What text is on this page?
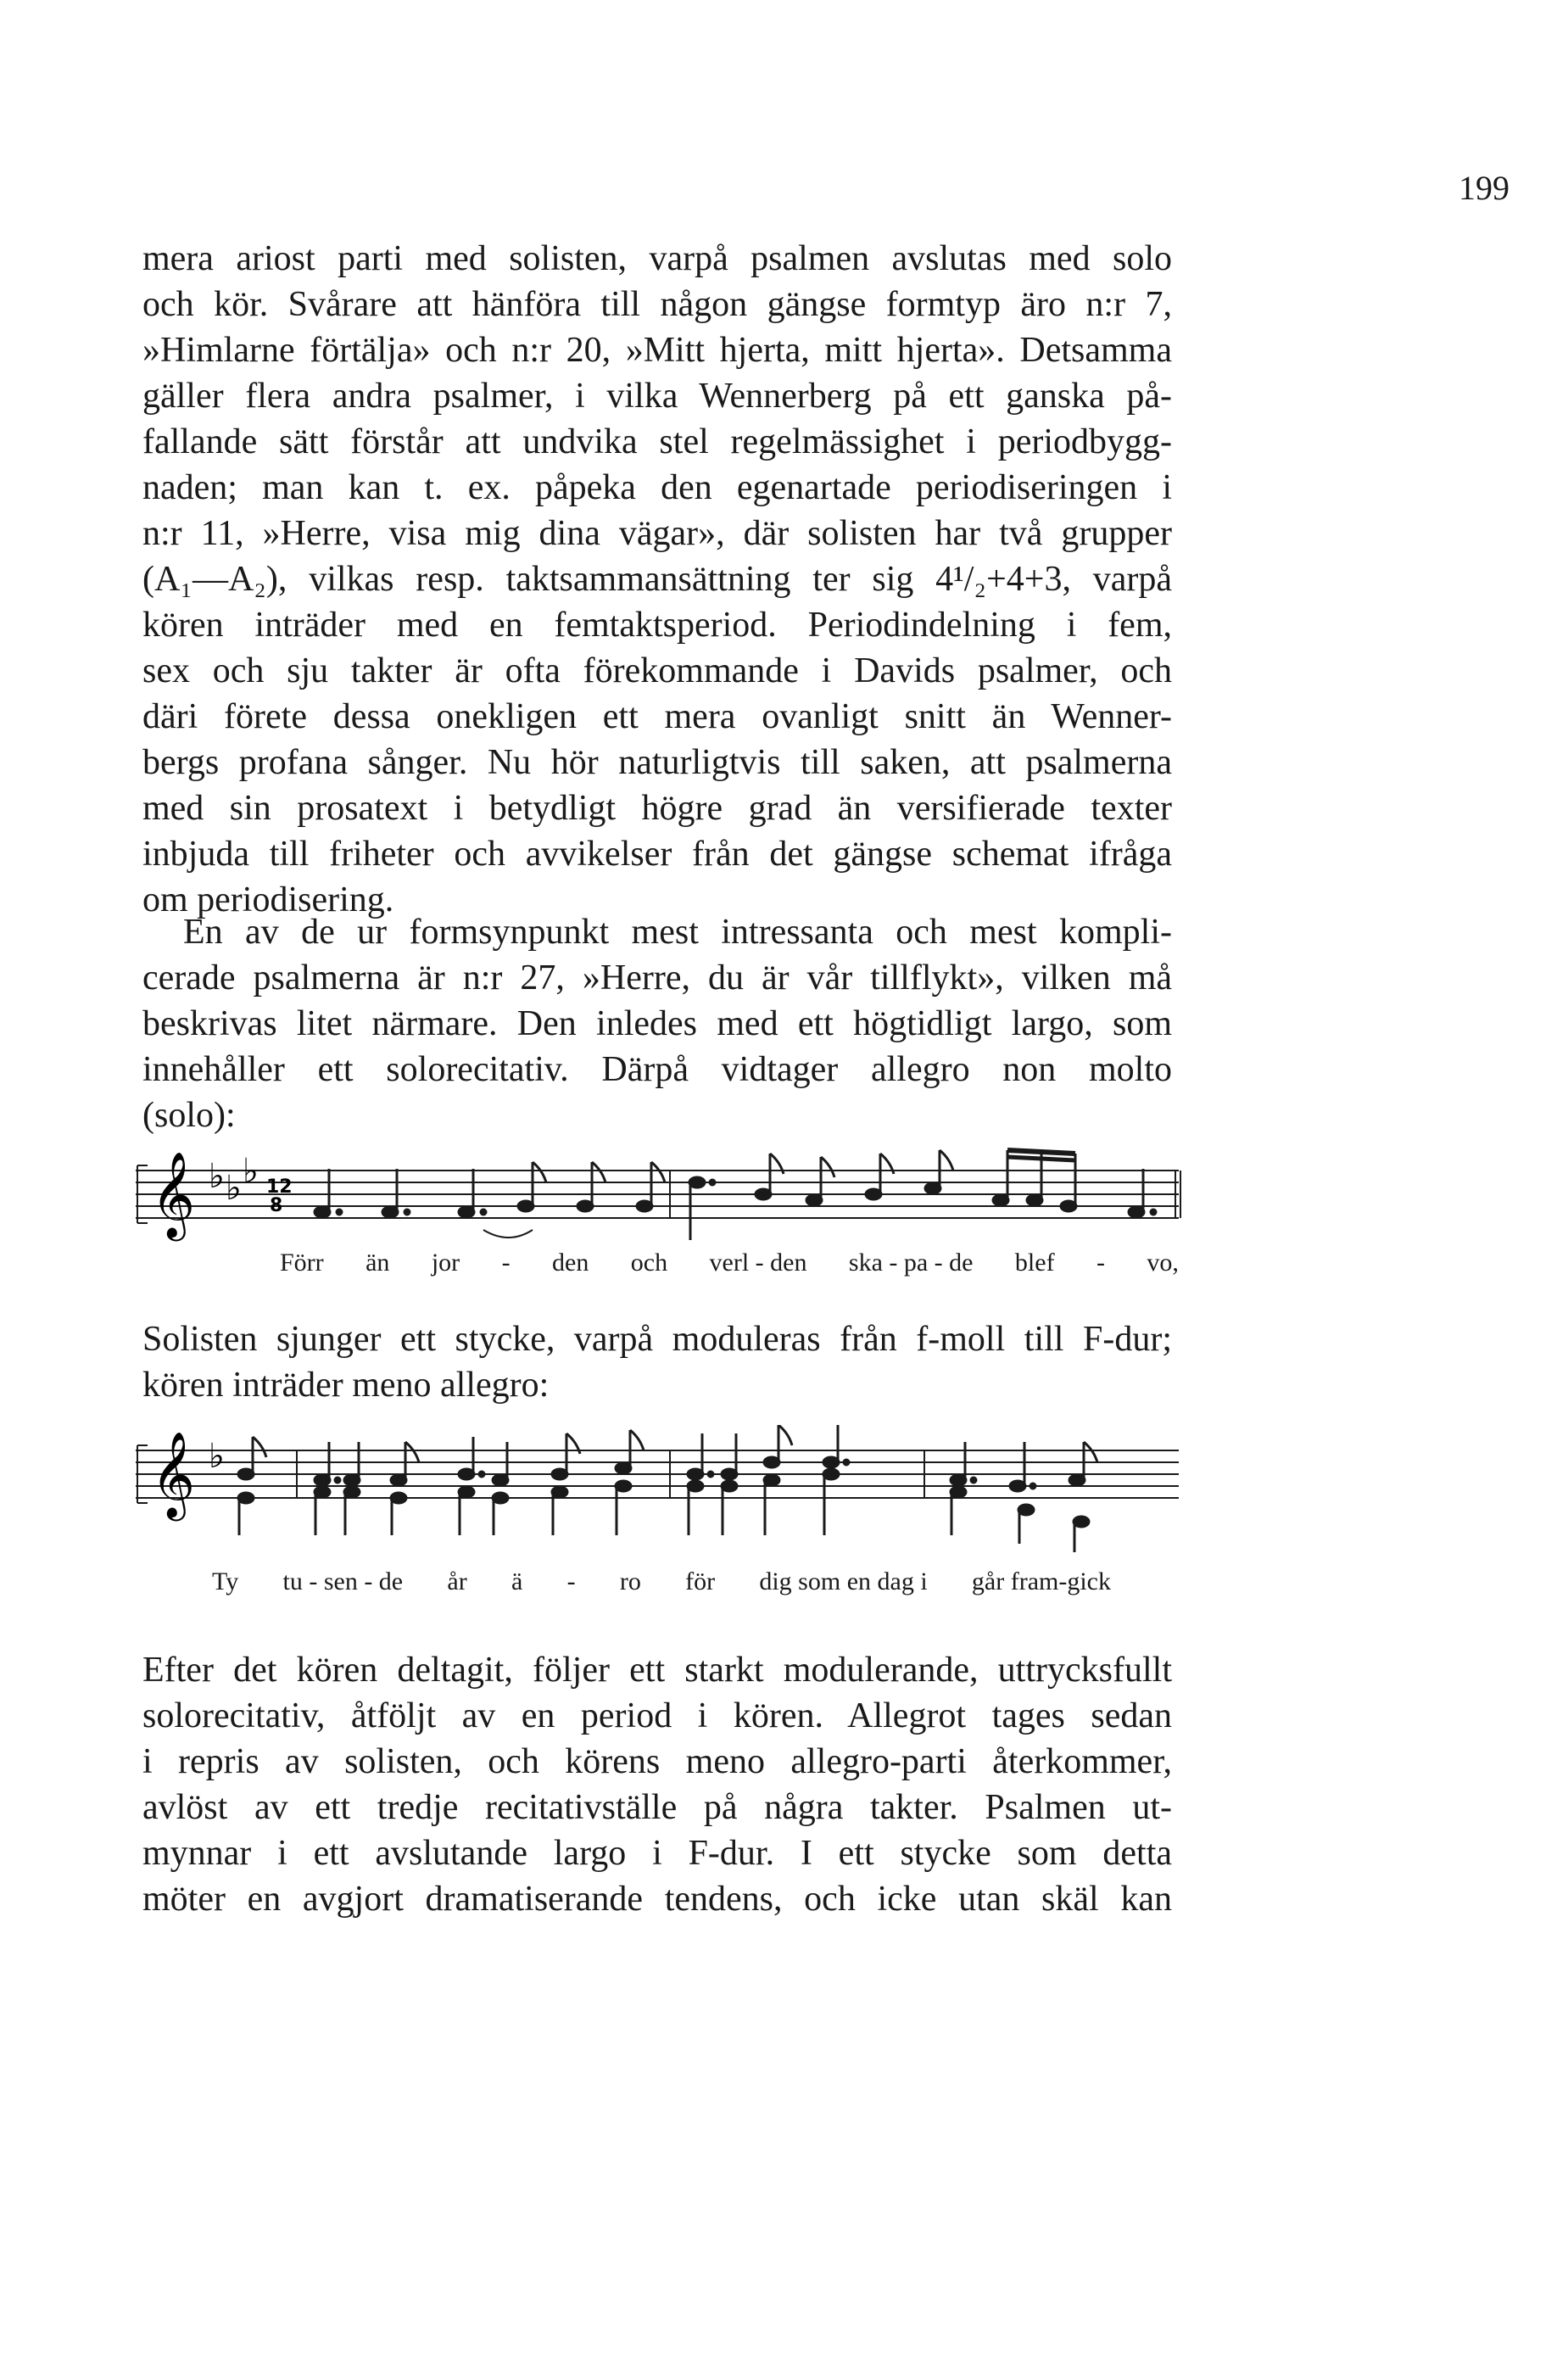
199
mera ariost parti med solisten, varpå psalmen avslutas med solo
och kör. Svårare att hänföra till någon gängse formtyp äro n:r 7,
»Himlarne förtälja» och n:r 20, »Mitt hjerta, mitt hjerta». Detsamma
gäller flera andra psalmer, i vilka Wennerberg på ett ganska på-
fallande sätt förstår att undvika stel regelmässighet i periodbygg-
naden; man kan t. ex. påpeka den egenartade periodiseringen i
n:r 11, »Herre, visa mig dina vägar», där solisten har två grupper
(A₁—A₂), vilkas resp. taktsammansättning ter sig 4¹/₂+4+3, varpå
kören inträder med en femtaktsperiod. Periodindelning i fem,
sex och sju takter är ofta förekommande i Davids psalmer, och
däri förete dessa onekligen ett mera ovanligt snitt än Wenner-
bergs profana sånger. Nu hör naturligtvis till saken, att psalmerna
med sin prosatext i betydligt högre grad än versifierade texter
inbjuda till friheter och avvikelser från det gängse schemat ifråga
om periodisering.
En av de ur formsynpunkt mest intressanta och mest kompli-
cerade psalmerna är n:r 27, »Herre, du är vår tillflykt», vilken må
beskrivas litet närmare. Den inledes med ett högtidligt largo, som
innehåller ett solorecitativ. Därpå vidtager allegro non molto
(solo):
𝄞 ♭ ♭ ♭ 12
8
Förr än jor - den och verl - den ska - pa - de blef - vo,
Solisten sjunger ett stycke, varpå moduleras från f-moll till F-dur;
kören inträder meno allegro:
𝄞 ♭
Ty tu - sen - de år ä - ro för dig som en dag i går fram-gick
Efter det kören deltagit, följer ett starkt modulerande, uttrycksfullt
solorecitativ, åtföljt av en period i kören. Allegrot tages sedan
i repris av solisten, och körens meno allegro-parti återkommer,
avlöst av ett tredje recitativställe på några takter. Psalmen ut-
mynnar i ett avslutande largo i F-dur. I ett stycke som detta
möter en avgjort dramatiserande tendens, och icke utan skäl kan
